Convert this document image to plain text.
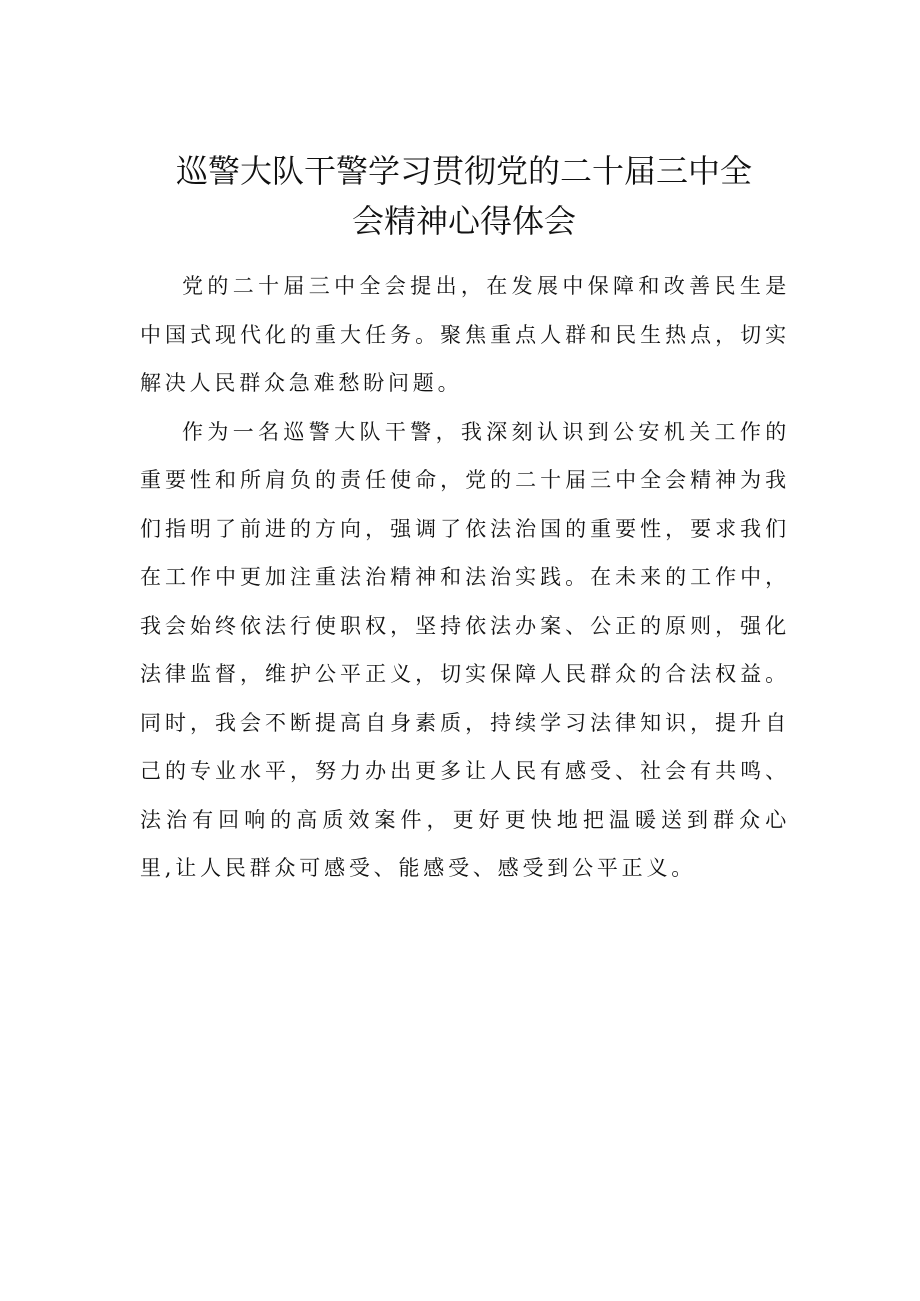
巡警大队干警学习贯彻党的二十届三中全
会精神心得体会

党的二十届三中全会提出，在发展中保障和改善民生是中国式现代化的重大任务。聚焦重点人群和民生热点，切实解决人民群众急难愁盼问题。

作为一名巡警大队干警，我深刻认识到公安机关工作的重要性和所肩负的责任使命，党的二十届三中全会精神为我们指明了前进的方向，强调了依法治国的重要性，要求我们在工作中更加注重法治精神和法治实践。在未来的工作中，我会始终依法行使职权，坚持依法办案、公正的原则，强化法律监督，维护公平正义，切实保障人民群众的合法权益。同时，我会不断提高自身素质，持续学习法律知识，提升自己的专业水平，努力办出更多让人民有感受、社会有共鸣、法治有回响的高质效案件，更好更快地把温暖送到群众心里,让人民群众可感受、能感受、感受到公平正义。
